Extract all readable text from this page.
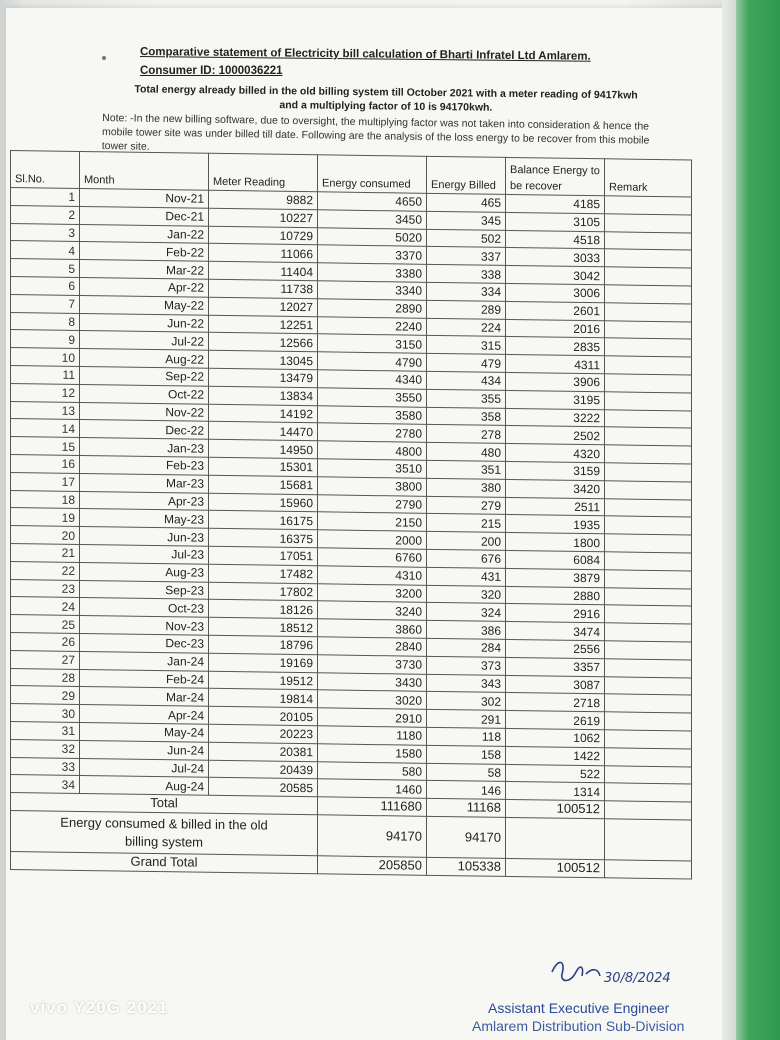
Comparative statement of Electricity bill calculation of Bharti Infratel Ltd Amlarem.
Consumer ID: 1000036221
Total energy already billed in the old billing system till October 2021 with a meter reading of 9417kwh
and a multiplying factor of 10 is 94170kwh.
Note: -In the new billing software, due to oversight, the multiplying factor was not taken into consideration & hence the mobile tower site was under billed till date. Following are the analysis of the loss energy to be recover from this mobile tower site.
Sl.No.	Month	Meter Reading	Energy consumed	Energy Billed	Balance Energy to be recover	Remark
1	Nov-21	9882	4650	465	4185	
2	Dec-21	10227	3450	345	3105	
3	Jan-22	10729	5020	502	4518	
4	Feb-22	11066	3370	337	3033	
5	Mar-22	11404	3380	338	3042	
6	Apr-22	11738	3340	334	3006	
7	May-22	12027	2890	289	2601	
8	Jun-22	12251	2240	224	2016	
9	Jul-22	12566	3150	315	2835	
10	Aug-22	13045	4790	479	4311	
11	Sep-22	13479	4340	434	3906	
12	Oct-22	13834	3550	355	3195	
13	Nov-22	14192	3580	358	3222	
14	Dec-22	14470	2780	278	2502	
15	Jan-23	14950	4800	480	4320	
16	Feb-23	15301	3510	351	3159	
17	Mar-23	15681	3800	380	3420	
18	Apr-23	15960	2790	279	2511	
19	May-23	16175	2150	215	1935	
20	Jun-23	16375	2000	200	1800	
21	Jul-23	17051	6760	676	6084	
22	Aug-23	17482	4310	431	3879	
23	Sep-23	17802	3200	320	2880	
24	Oct-23	18126	3240	324	2916	
25	Nov-23	18512	3860	386	3474	
26	Dec-23	18796	2840	284	2556	
27	Jan-24	19169	3730	373	3357	
28	Feb-24	19512	3430	343	3087	
29	Mar-24	19814	3020	302	2718	
30	Apr-24	20105	2910	291	2619	
31	May-24	20223	1180	118	1062	
32	Jun-24	20381	1580	158	1422	
33	Jul-24	20439	580	58	522	
34	Aug-24	20585	1460	146	1314	
Total			111680	11168	100512	

Energy consumed & billed in the old
billing system			94170	94170		
Grand Total			205850	105338	100512	
30/8/2024
Assistant Executive Engineer
Amlarem Distribution Sub-Division
vivo Y20G 2021
